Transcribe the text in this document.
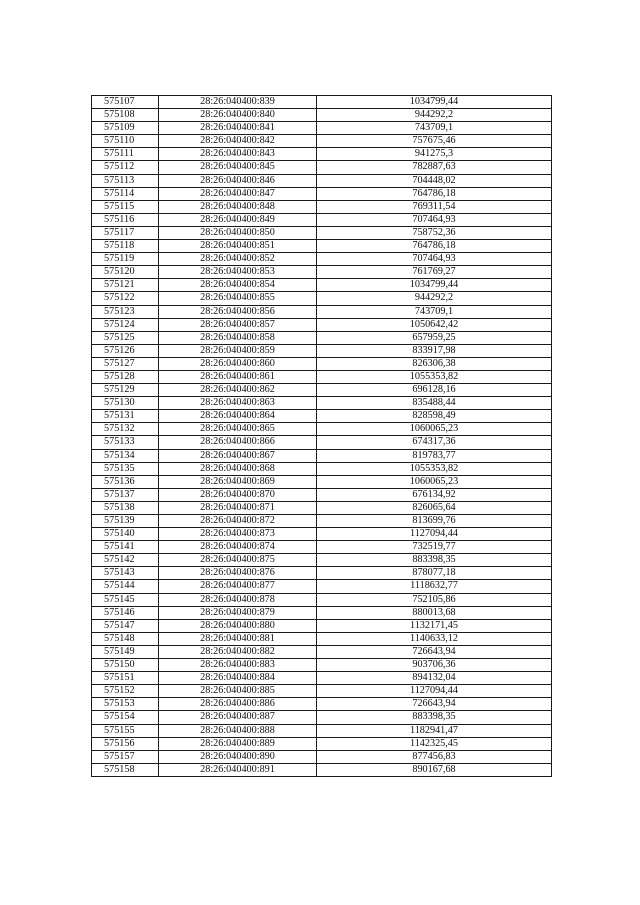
575107	28:26:040400:839	1034799,44
575108	28:26:040400:840	944292,2
575109	28:26:040400:841	743709,1
575110	28:26:040400:842	757675,46
575111	28:26:040400:843	941275,3
575112	28:26:040400:845	782887,63
575113	28:26:040400:846	704448,02
575114	28:26:040400:847	764786,18
575115	28:26:040400:848	769311,54
575116	28:26:040400:849	707464,93
575117	28:26:040400:850	758752,36
575118	28:26:040400:851	764786,18
575119	28:26:040400:852	707464,93
575120	28:26:040400:853	761769,27
575121	28:26:040400:854	1034799,44
575122	28:26:040400:855	944292,2
575123	28:26:040400:856	743709,1
575124	28:26:040400:857	1050642,42
575125	28:26:040400:858	657959,25
575126	28:26:040400:859	833917,98
575127	28:26:040400:860	826306,38
575128	28:26:040400:861	1055353,82
575129	28:26:040400:862	696128,16
575130	28:26:040400:863	835488,44
575131	28:26:040400:864	828598,49
575132	28:26:040400:865	1060065,23
575133	28:26:040400:866	674317,36
575134	28:26:040400:867	819783,77
575135	28:26:040400:868	1055353,82
575136	28:26:040400:869	1060065,23
575137	28:26:040400:870	676134,92
575138	28:26:040400:871	826065,64
575139	28:26:040400:872	813699,76
575140	28:26:040400:873	1127094,44
575141	28:26:040400:874	732519,77
575142	28:26:040400:875	883398,35
575143	28:26:040400:876	878077,18
575144	28:26:040400:877	1118632,77
575145	28:26:040400:878	752105,86
575146	28:26:040400:879	880013,68
575147	28:26:040400:880	1132171,45
575148	28:26:040400:881	1140633,12
575149	28:26:040400:882	726643,94
575150	28:26:040400:883	903706,36
575151	28:26:040400:884	894132,04
575152	28:26:040400:885	1127094,44
575153	28:26:040400:886	726643,94
575154	28:26:040400:887	883398,35
575155	28:26:040400:888	1182941,47
575156	28:26:040400:889	1142325,45
575157	28:26:040400:890	877456,83
575158	28:26:040400:891	890167,68
